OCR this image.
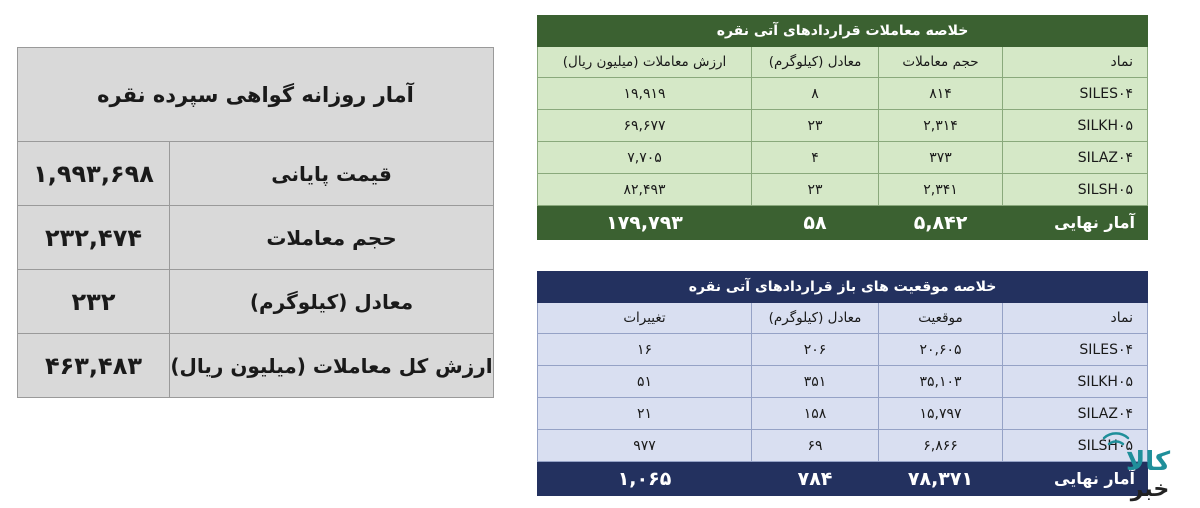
آمار روزانه گواهی سپرده نقره	
۱,۹۹۳,۶۹۸	قیمت پایانی
۲۳۲,۴۷۴	حجم معاملات
۲۳۲	معادل (کیلوگرم)
۴۶۳,۴۸۳	ارزش کل معاملات (میلیون ریال)
خلاصه معاملات قراردادهای آتی نقره			
نماد	حجم معاملات	معادل (کیلوگرم)	ارزش معاملات (میلیون ریال)
SILES۰۴	۸۱۴	۸	۱۹,۹۱۹
SILKH۰۵	۲,۳۱۴	۲۳	۶۹,۶۷۷
SILAZ۰۴	۳۷۳	۴	۷,۷۰۵
SILSH۰۵	۲,۳۴۱	۲۳	۸۲,۴۹۳
آمار نهایی	۵,۸۴۲	۵۸	۱۷۹,۷۹۳
خلاصه موقعیت های باز قراردادهای آتی نقره			
نماد	موقعیت	معادل (کیلوگرم)	تغییرات
SILES۰۴	۲۰,۶۰۵	۲۰۶	۱۶
SILKH۰۵	۳۵,۱۰۳	۳۵۱	۵۱
SILAZ۰۴	۱۵,۷۹۷	۱۵۸	۲۱
SILSH۰۵	۶,۸۶۶	۶۹	۹۷۷
آمار نهایی	۷۸,۳۷۱	۷۸۴	۱,۰۶۵
کالا
خبر
